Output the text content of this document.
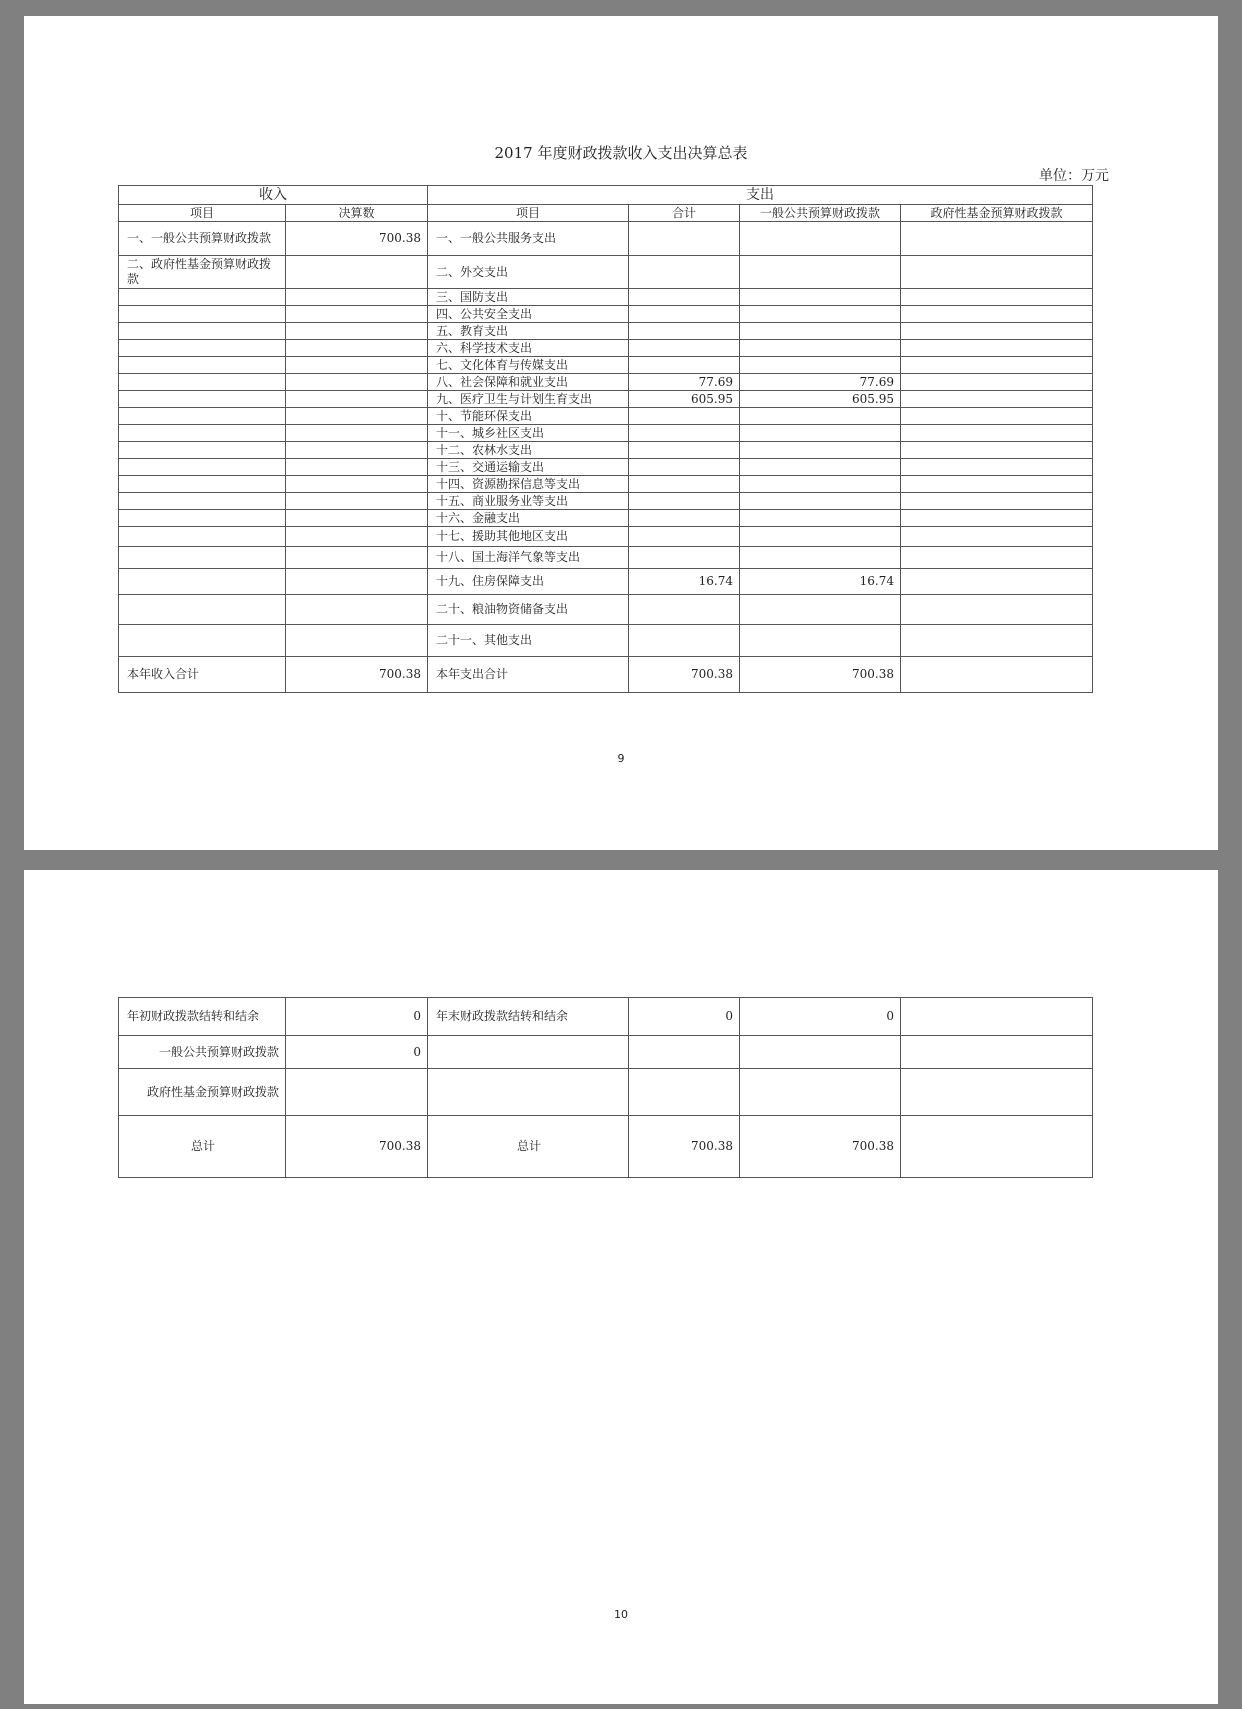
2017 年度财政拨款收入支出决算总表
单位：万元
收入		支出			
项目	决算数	项目	合计	一般公共预算财政拨款	政府性基金预算财政拨款
一、一般公共预算财政拨款	700.38	一、一般公共服务支出			
二、政府性基金预算财政拨款		二、外交支出			
		三、国防支出			
		四、公共安全支出			
		五、教育支出			
		六、科学技术支出			
		七、文化体育与传媒支出			
		八、社会保障和就业支出	77.69	77.69	
		九、医疗卫生与计划生育支出	605.95	605.95	
		十、节能环保支出			
		十一、城乡社区支出			
		十二、农林水支出			
		十三、交通运输支出			
		十四、资源勘探信息等支出			
		十五、商业服务业等支出			
		十六、金融支出			
		十七、援助其他地区支出			
		十八、国土海洋气象等支出			
		十九、住房保障支出	16.74	16.74	
		二十、粮油物资储备支出			
		二十一、其他支出			
本年收入合计	700.38	本年支出合计	700.38	700.38	
9
年初财政拨款结转和结余	0	年末财政拨款结转和结余	0	0	
一般公共预算财政拨款	0				
政府性基金预算财政拨款					
总计	700.38	总计	700.38	700.38	
10
